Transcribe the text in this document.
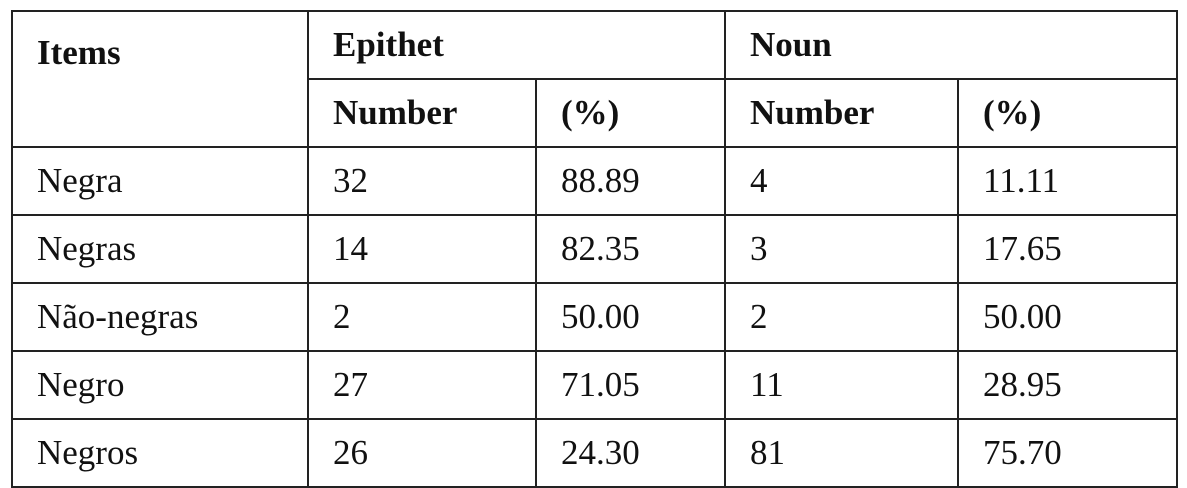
Items	Epithet		Noun	
	Number	(%)	Number	(%)
Negra	32	88.89	4	11.11
Negras	14	82.35	3	17.65
Não-negras	2	50.00	2	50.00
Negro	27	71.05	11	28.95
Negros	26	24.30	81	75.70
